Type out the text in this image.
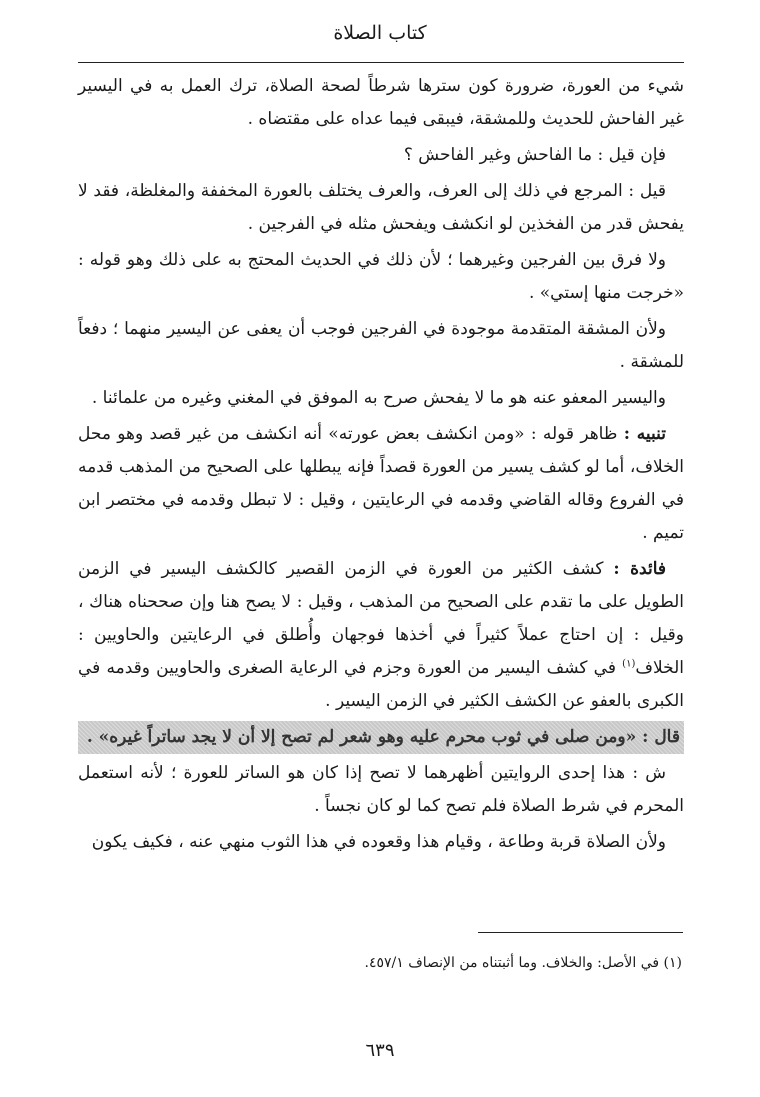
كتاب الصلاة

شيء من العورة، ضرورة كون سترها شرطاً لصحة الصلاة، ترك العمل به في اليسير غير الفاحش للحديث وللمشقة، فيبقى فيما عداه على مقتضاه .

فإن قيل : ما الفاحش وغير الفاحش ؟

قيل : المرجع في ذلك إلى العرف، والعرف يختلف بالعورة المخففة والمغلظة، فقد لا يفحش قدر من الفخذين لو انكشف ويفحش مثله في الفرجين .

ولا فرق بين الفرجين وغيرهما ؛ لأن ذلك في الحديث المحتج به على ذلك وهو قوله : «خرجت منها إستي» .

ولأن المشقة المتقدمة موجودة في الفرجين فوجب أن يعفى عن اليسير منهما ؛ دفعاً للمشقة .

واليسير المعفو عنه هو ما لا يفحش صرح به الموفق في المغني وغيره من علمائنا .

تنبيه : ظاهر قوله : «ومن انكشف بعض عورته» أنه انكشف من غير قصد وهو محل الخلاف، أما لو كشف يسير من العورة قصداً فإنه يبطلها على الصحيح من المذهب قدمه في الفروع وقاله القاضي وقدمه في الرعايتين ، وقيل : لا تبطل وقدمه في مختصر ابن تميم .

فائدة : كشف الكثير من العورة في الزمن القصير كالكشف اليسير في الزمن الطويل على ما تقدم على الصحيح من المذهب ، وقيل : لا يصح هنا وإن صححناه هناك ، وقيل : إن احتاج عملاً كثيراً في أخذها فوجهان وأُطلق في الرعايتين والحاويين : الخلاف$^{(١)}$ في كشف اليسير من العورة وجزم في الرعاية الصغرى والحاويين وقدمه في الكبرى بالعفو عن الكشف الكثير في الزمن اليسير .

قال : «ومن صلى في ثوب محرم عليه وهو شعر لم تصح إلا أن لا يجد ساتراً غيره» .

ش : هذا إحدى الروايتين أظهرهما لا تصح إذا كان هو الساتر للعورة ؛ لأنه استعمل المحرم في شرط الصلاة فلم تصح كما لو كان نجساً .

ولأن الصلاة قربة وطاعة ، وقيام هذا وقعوده في هذا الثوب منهي عنه ، فكيف يكون

(١) في الأصل: والخلاف. وما أثبتناه من الإنصاف ٤٥٧/١.
٦٣٩
